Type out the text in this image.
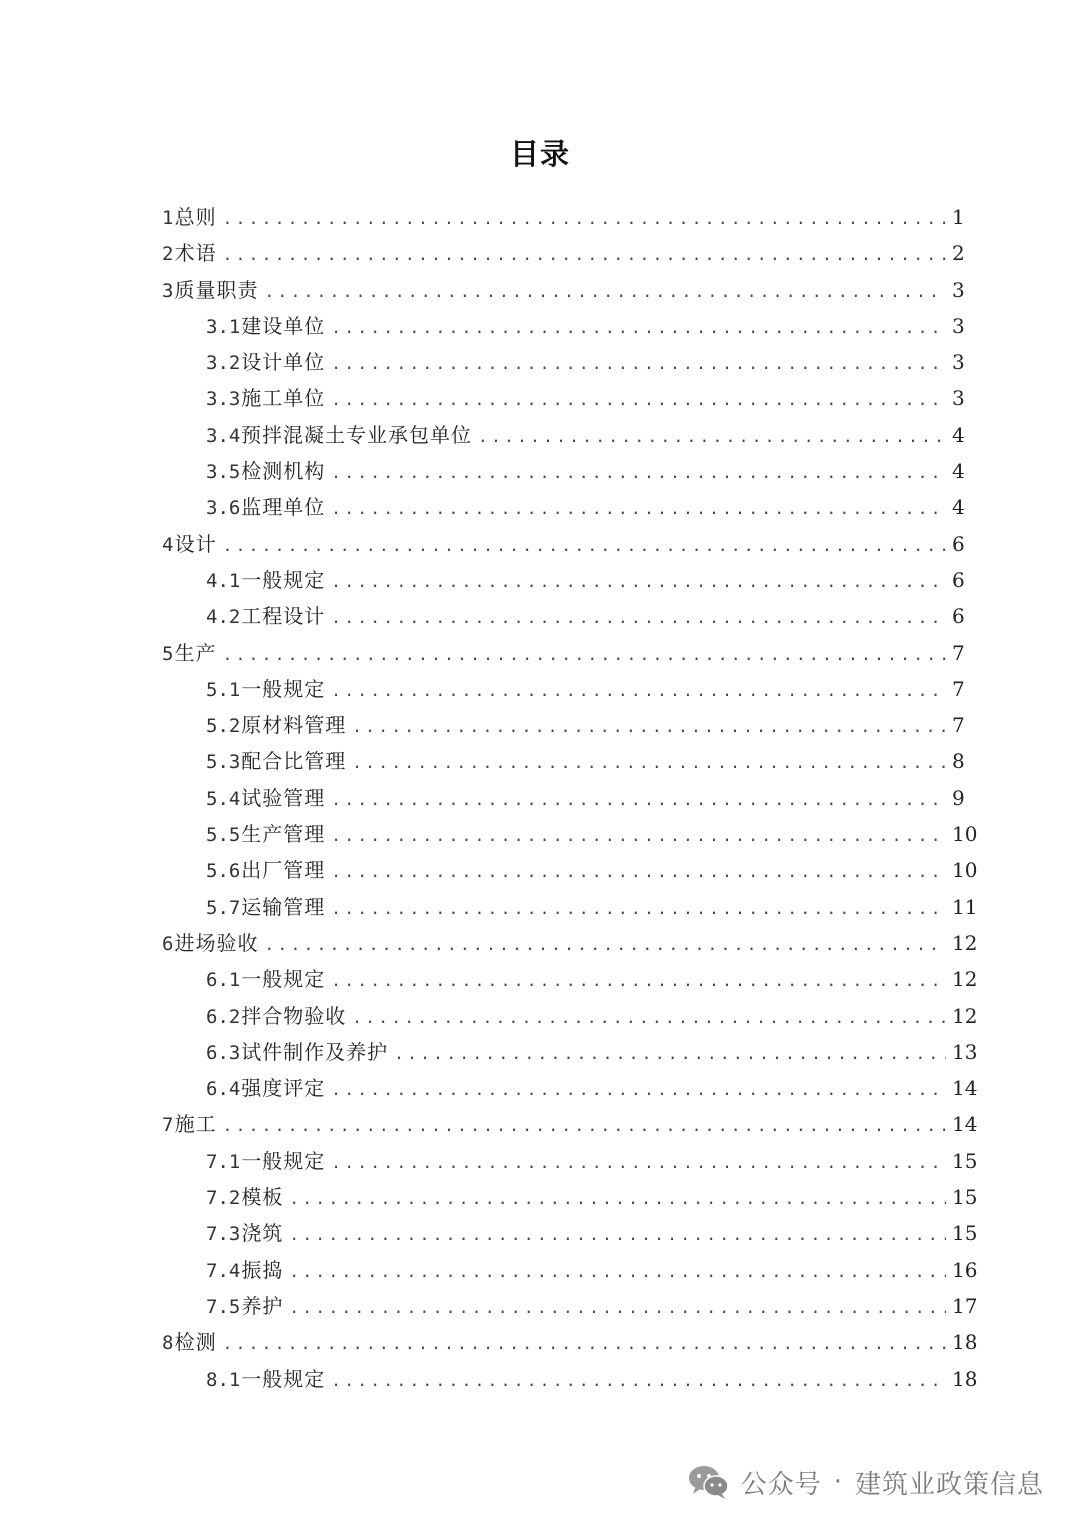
目录
1 总则 .....	1
2 术语 .....	2
3 质量职责 .....	3
3.1 建设单位 .....	3
3.2 设计单位 .....	3
3.3 施工单位 .....	3
3.4 预拌混凝土专业承包单位 .....	4
3.5 检测机构 .....	4
3.6 监理单位 .....	4
4 设计 .....	6
4.1 一般规定 .....	6
4.2 工程设计 .....	6
5 生产 .....	7
5.1 一般规定 .....	7
5.2 原材料管理 .....	7
5.3 配合比管理 .....	8
5.4 试验管理 .....	9
5.5 生产管理 .....	10
5.6 出厂管理 .....	10
5.7 运输管理 .....	11
6 进场验收 .....	12
6.1 一般规定 .....	12
6.2 拌合物验收 .....	12
6.3 试件制作及养护 .....	13
6.4 强度评定 .....	14
7 施工 .....	14
7.1 一般规定 .....	15
7.2 模板 .....	15
7.3 浇筑 .....	15
7.4 振捣 .....	16
7.5 养护 .....	17
8 检测 .....	18
8.1 一般规定 .....	18
公众号 · 建筑业政策信息
